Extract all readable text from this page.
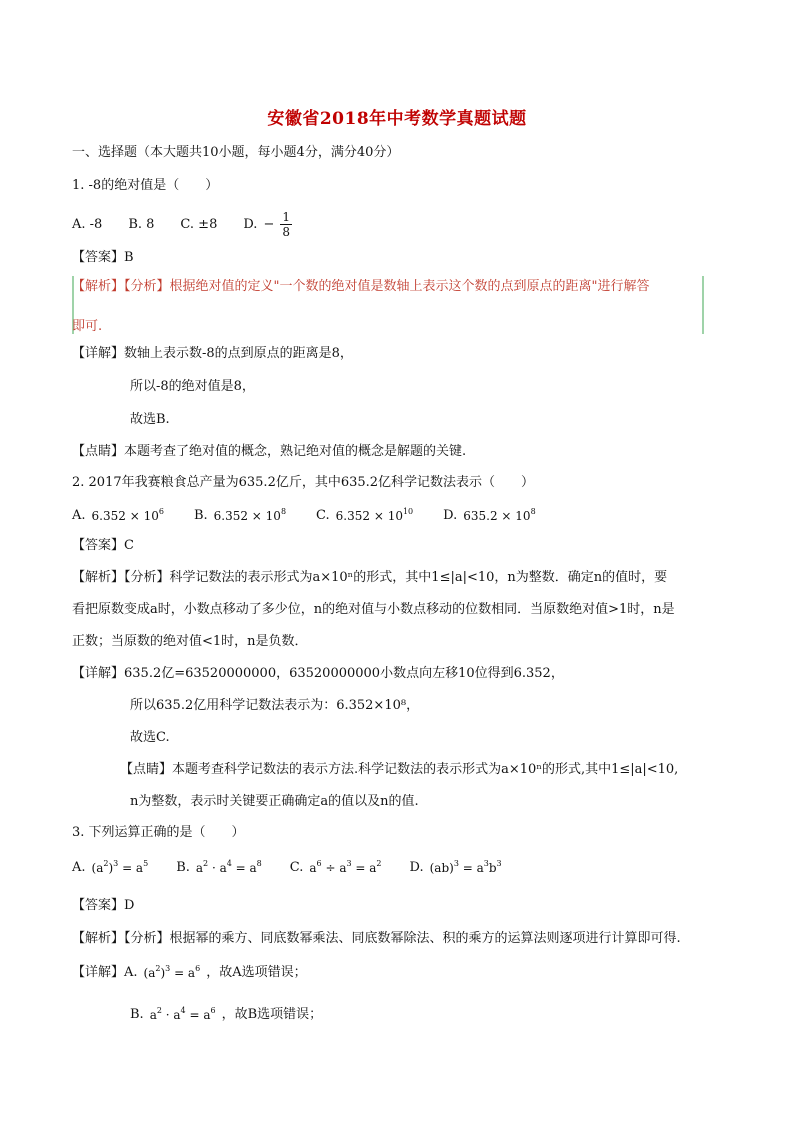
安徽省2018年中考数学真题试题
一、选择题（本大题共10小题，每小题4分，满分40分）
1. -8的绝对值是（　　）
A. -8 B. 8 C. ±8 D. − $\frac{1}{8}$
【答案】B
【解析】【分析】根据绝对值的定义"一个数的绝对值是数轴上表示这个数的点到原点的距离"进行解答
即可.
【详解】数轴上表示数-8的点到原点的距离是8，
所以-8的绝对值是8，
故选B.
【点睛】本题考查了绝对值的概念，熟记绝对值的概念是解题的关键.
2. 2017年我赛粮食总产量为635.2亿斤，其中635.2亿科学记数法表示（　　）
A. $6.352 \times 10^6$ B. $6.352 \times 10^8$ C. $6.352 \times 10^{10}$ D. $635.2 \times 10^8$
【答案】C
【解析】【分析】科学记数法的表示形式为a×10ⁿ的形式，其中1≤|a|<10，n为整数．确定n的值时，要
看把原数变成a时，小数点移动了多少位，n的绝对值与小数点移动的位数相同．当原数绝对值>1时，n是
正数；当原数的绝对值<1时，n是负数．
【详解】635.2亿=63520000000，63520000000小数点向左移10位得到6.352，
所以635.2亿用科学记数法表示为：6.352×10⁸，
故选C.
【点睛】本题考查科学记数法的表示方法.科学记数法的表示形式为a×10ⁿ的形式,其中1≤|a|<10,
n为整数，表示时关键要正确确定a的值以及n的值.
3. 下列运算正确的是（　　）
A. $(a^2)^3 = a^5$ B. $a^2 \cdot a^4 = a^8$ C. $a^6 \div a^3 = a^2$ D. $(ab)^3 = a^3b^3$
【答案】D
【解析】【分析】根据幂的乘方、同底数幂乘法、同底数幂除法、积的乘方的运算法则逐项进行计算即可得.
【详解】A. $(a^2)^3 = a^6$ ，故A选项错误；
B. $a^2 \cdot a^4 = a^6$ ，故B选项错误；
